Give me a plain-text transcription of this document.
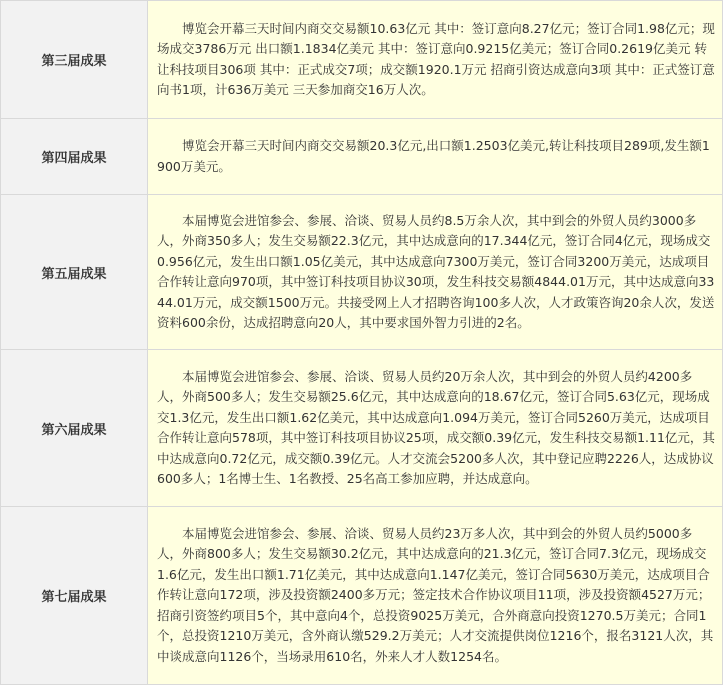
第三届成果	博览会开幕三天时间内商交交易额10.63亿元 其中：签订意向8.27亿元；签订合同1.98亿元；现场成交3786万元 出口额1.1834亿美元 其中：签订意向0.9215亿美元；签订合同0.2619亿美元 转让科技项目306项 其中：正式成交7项；成交额1920.1万元 招商引资达成意向3项 其中：正式签订意向书1项，计636万美元 三天参加商交16万人次。
第四届成果	博览会开幕三天时间内商交交易额20.3亿元,出口额1.2503亿美元,转让科技项目289项,发生额1900万美元。
第五届成果	本届博览会进馆参会、参展、洽谈、贸易人员约8.5万余人次，其中到会的外贸人员约3000多人，外商350多人；发生交易额22.3亿元，其中达成意向的17.344亿元，签订合同4亿元，现场成交0.956亿元，发生出口额1.05亿美元，其中达成意向7300万美元，签订合同3200万美元，达成项目合作转让意向970项，其中签订科技项目协议30项，发生科技交易额4844.01万元，其中达成意向3344.01万元，成交额1500万元。共接受网上人才招聘咨询100多人次，人才政策咨询20余人次，发送资料600余份，达成招聘意向20人，其中要求国外智力引进的2名。
第六届成果	本届博览会进馆参会、参展、洽谈、贸易人员约20万余人次，其中到会的外贸人员约4200多人，外商500多人；发生交易额25.6亿元，其中达成意向的18.67亿元，签订合同5.63亿元，现场成交1.3亿元，发生出口额1.62亿美元，其中达成意向1.094万美元，签订合同5260万美元，达成项目合作转让意向578项，其中签订科技项目协议25项，成交额0.39亿元，发生科技交易额1.11亿元，其中达成意向0.72亿元，成交额0.39亿元。人才交流会5200多人次，其中登记应聘2226人，达成协议600多人；1名博士生、1名教授、25名高工参加应聘，并达成意向。
第七届成果	本届博览会进馆参会、参展、洽谈、贸易人员约23万多人次，其中到会的外贸人员约5000多人，外商800多人；发生交易额30.2亿元，其中达成意向的21.3亿元，签订合同7.3亿元，现场成交1.6亿元，发生出口额1.71亿美元，其中达成意向1.147亿美元，签订合同5630万美元，达成项目合作转让意向172项，涉及投资额2400多万元；签定技术合作协议项目11项，涉及投资额4527万元；招商引资签约项目5个，其中意向4个，总投资9025万美元，合外商意向投资1270.5万美元；合同1个，总投资1210万美元，含外商认缴529.2万美元；人才交流提供岗位1216个，报名3121人次，其中谈成意向1126个，当场录用610名，外来人才人数1254名。
